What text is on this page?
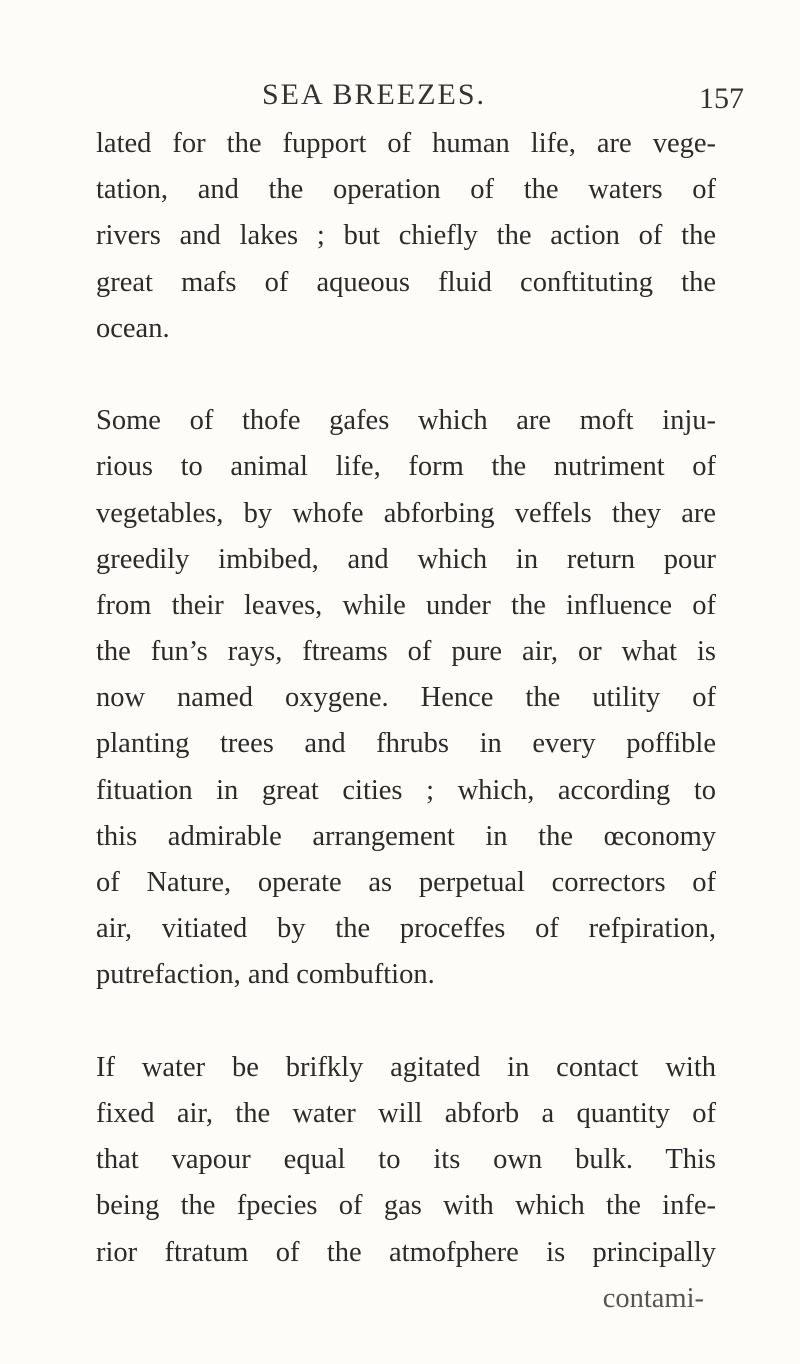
SEA BREEZES.	157
lated for the fupport of human life, are vege-
tation, and the operation of the waters of
rivers and lakes ; but chiefly the action of the
great mafs of aqueous fluid conftituting the
ocean.
Some of thofe gafes which are moft inju-
rious to animal life, form the nutriment of
vegetables, by whofe abforbing veffels they are
greedily imbibed, and which in return pour
from their leaves, while under the influence of
the fun’s rays, ftreams of pure air, or what is
now named oxygene. Hence the utility of
planting trees and fhrubs in every poffible
fituation in great cities ; which, according to
this admirable arrangement in the œconomy
of Nature, operate as perpetual correctors of
air, vitiated by the proceffes of refpiration,
putrefaction, and combuftion.
If water be brifkly agitated in contact with
fixed air, the water will abforb a quantity of
that vapour equal to its own bulk. This
being the fpecies of gas with which the infe-
rior ftratum of the atmofphere is principally
contami-
